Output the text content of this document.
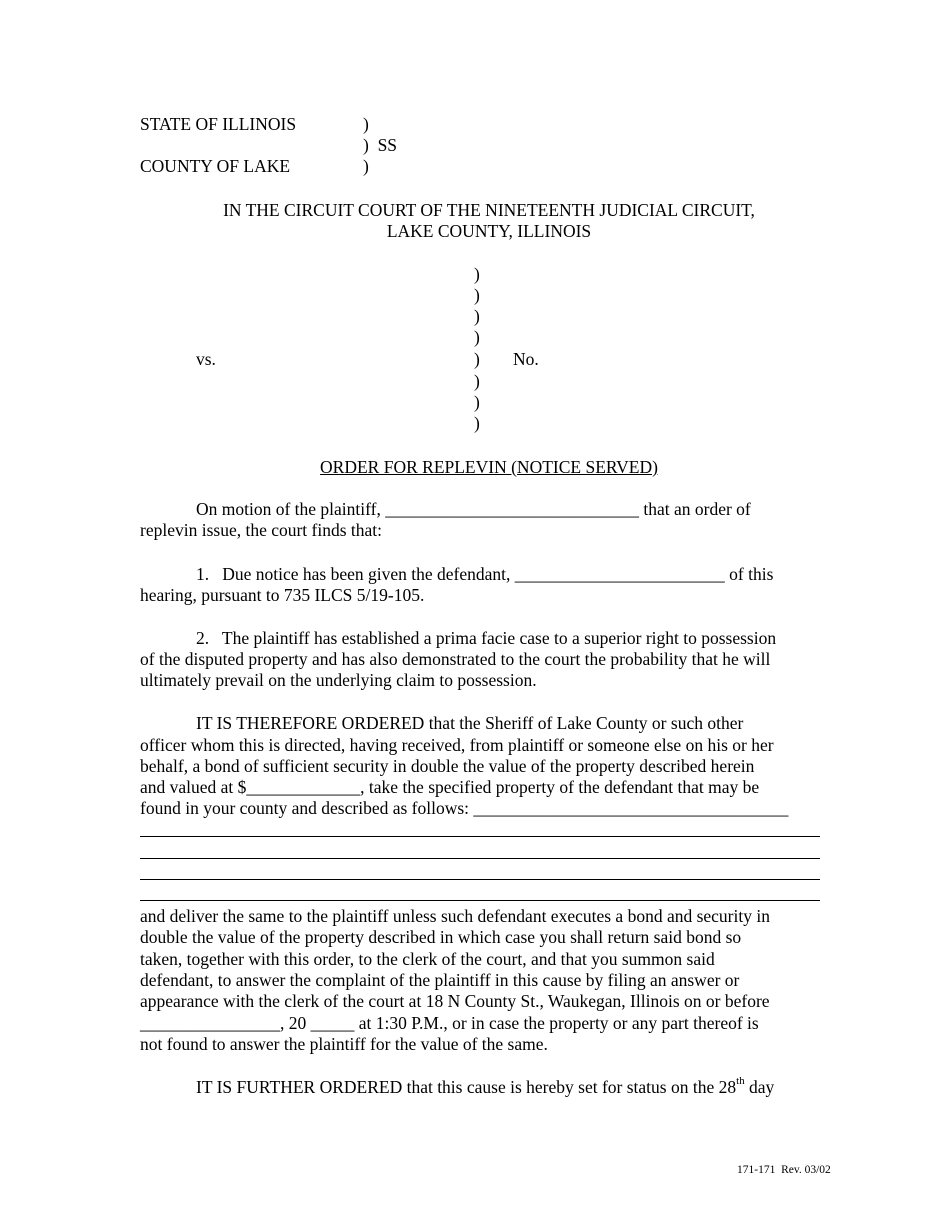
STATE OF ILLINOIS	)
)  SS
COUNTY OF LAKE	)
IN THE CIRCUIT COURT OF THE NINETEENTH JUDICIAL CIRCUIT,
LAKE COUNTY, ILLINOIS
)
)
)
)
)
)
)
)
vs.	No.
ORDER FOR REPLEVIN (NOTICE SERVED)
On motion of the plaintiff, _____________________________ that an order of
replevin issue, the court finds that:
1.   Due notice has been given the defendant, ________________________ of this
hearing, pursuant to 735 ILCS 5/19-105.
2.   The plaintiff has established a prima facie case to a superior right to possession
of the disputed property and has also demonstrated to the court the probability that he will
ultimately prevail on the underlying claim to possession.
IT IS THEREFORE ORDERED that the Sheriff of Lake County or such other
officer whom this is directed, having received, from plaintiff or someone else on his or her
behalf, a bond of sufficient security in double the value of the property described herein
and valued at $_____________, take the specified property of the defendant that may be
found in your county and described as follows: ____________________________________
and deliver the same to the plaintiff unless such defendant executes a bond and security in
double the value of the property described in which case you shall return said bond so
taken, together with this order, to the clerk of the court, and that you summon said
defendant, to answer the complaint of the plaintiff in this cause by filing an answer or
appearance with the clerk of the court at 18 N County St., Waukegan, Illinois on or before
________________, 20 _____ at 1:30 P.M., or in case the property or any part thereof is
not found to answer the plaintiff for the value of the same.
IT IS FURTHER ORDERED that this cause is hereby set for status on the 28th day
171-171  Rev. 03/02
